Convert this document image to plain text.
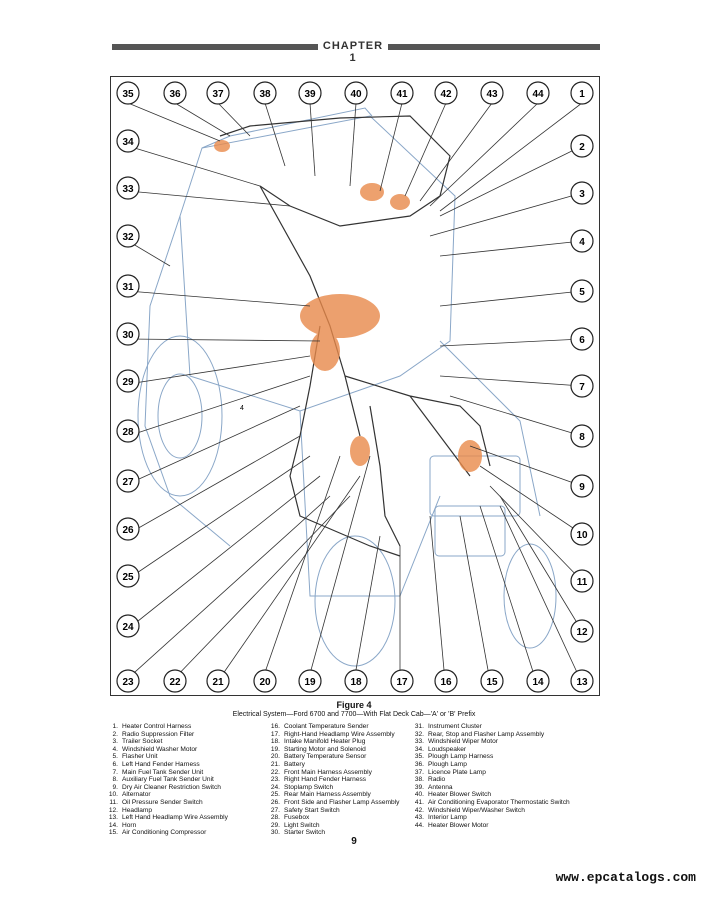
CHAPTER 1
4
35	36	37	38	39	40	41	42	43	44	1
34
33
32
31
30
29
28
27
26
25
24
2
3
4
5
6
7
8
9
10
11
12
23	22	21	20	19	18	17	16	15	14	13
Figure 4
Electrical System—Ford 6700 and 7700—With Flat Deck Cab—'A' or 'B' Prefix
1. Heater Control Harness
2. Radio Suppression Filter
3. Trailer Socket
4. Windshield Washer Motor
5. Flasher Unit
6. Left Hand Fender Harness
7. Main Fuel Tank Sender Unit
8. Auxiliary Fuel Tank Sender Unit
9. Dry Air Cleaner Restriction Switch
10. Alternator
11. Oil Pressure Sender Switch
12. Headlamp
13. Left Hand Headlamp Wire Assembly
14. Horn
15. Air Conditioning Compressor
16. Coolant Temperature Sender
17. Right-Hand Headlamp Wire Assembly
18. Intake Manifold Heater Plug
19. Starting Motor and Solenoid
20. Battery Temperature Sensor
21. Battery
22. Front Main Harness Assembly
23. Right Hand Fender Harness
24. Stoplamp Switch
25. Rear Main Harness Assembly
26. Front Side and Flasher Lamp Assembly
27. Safety Start Switch
28. Fusebox
29. Light Switch
30. Starter Switch
31. Instrument Cluster
32. Rear, Stop and Flasher Lamp Assembly
33. Windshield Wiper Motor
34. Loudspeaker
35. Plough Lamp Harness
36. Plough Lamp
37. Licence Plate Lamp
38. Radio
39. Antenna
40. Heater Blower Switch
41. Air Conditioning Evaporator Thermostatic Switch
42. Windshield Wiper/Washer Switch
43. Interior Lamp
44. Heater Blower Motor
9
www.epcatalogs.com
